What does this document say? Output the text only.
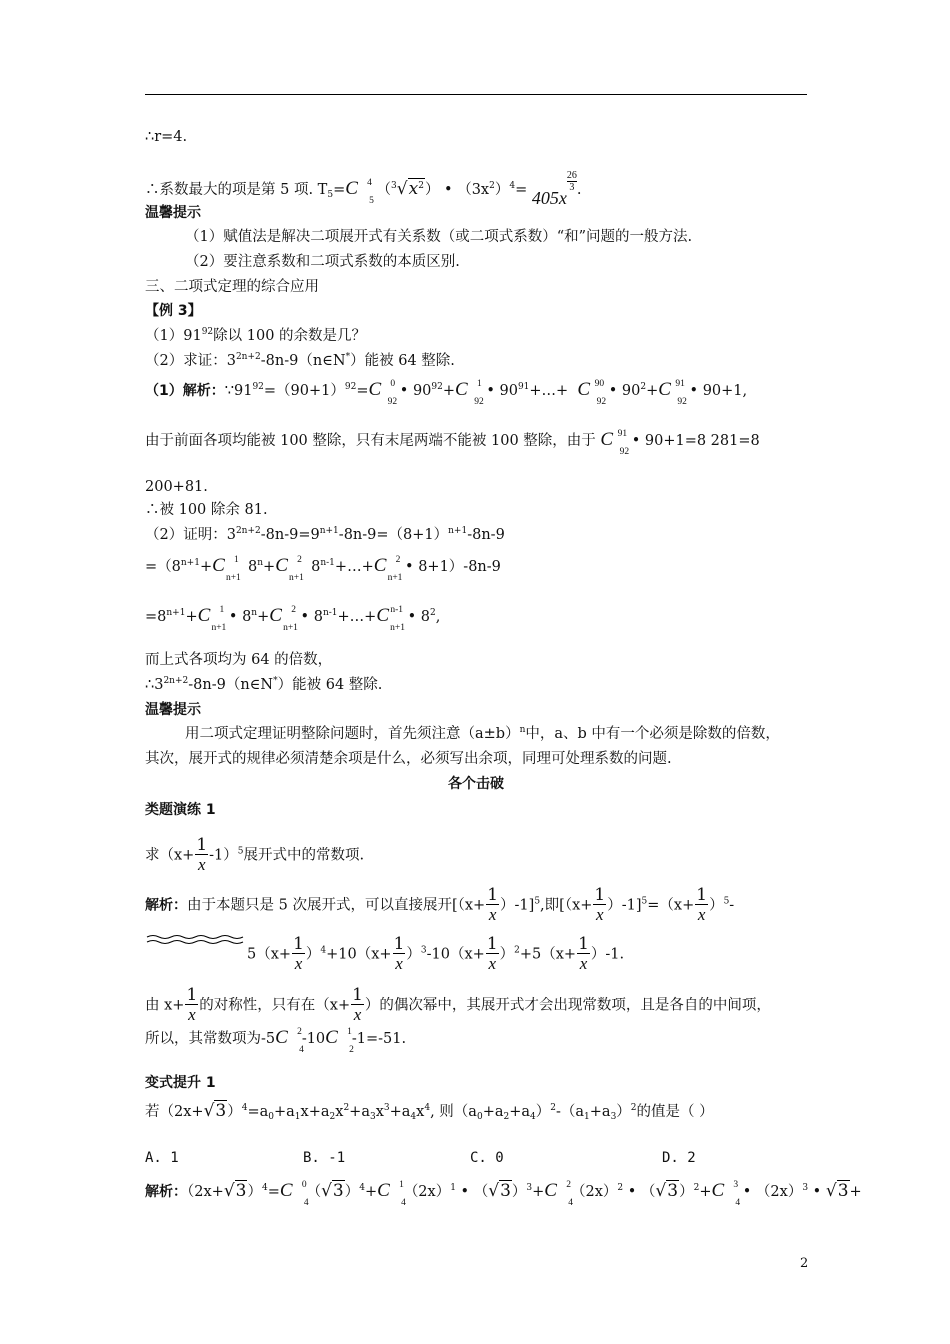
∴r=4.
∴系数最大的项是第 5 项. $T_5=C$ 4
5
$(^3√x^2)$ • $(3x^2)^4= 405x$
$\frac{26}{3}$ .
温馨提示
（1）赋值法是解决二项展开式有关系数（或二项式系数）“和”问题的一般方法.
（2）要注意系数和二项式系数的本质区别.
三、二项式定理的综合应用
【例 3】
$(1)91^{92}$除以 100 的余数是几？
（2）求证：$3^{2n+2}-8n-9(n\in N^*)$能被 64 整除.
（1）解析：$\because 91^{92}=(90+1)^{92}=C$ 0
92
• $90^{92}+C$ 1
92
• $90^{91}+\dots+ C$ 90
92
• $90^2+C$ 91
92
• 90+1,
由于前面各项均能被 100 整除，只有末尾两端不能被 100 整除，由于 C 91
92
• 90+1=8 281=8
200+81.
∴被 100 除余 81.
（2）证明：$3^{2n+2}-8n-9=9^{n+1}-8n-9=(8+1)^{n+1}-8n-9$
$=(8^{n+1}+C$ 1
n+1
$8^n+C$ 2
n+1
$8^{n-1}+\dots+C$ 2
n+1
• 8+1）-8n-9
$=8^{n+1}+C$ 1
n+1
• $8^n+C$ 2
n+1
• $8^{n-1}+\dots+C$ n-1
n+1
• $8^2$,
而上式各项均为 64 的倍数，
$\therefore 3^{2n+2}-8n-9(n\in N^*)$能被 64 整除.
温馨提示
用二项式定理证明整除问题时，首先须注意$(a\pm b)^n$中，a、b 中有一个必须是除数的倍数，
其次，展开式的规律必须清楚余项是什么，必须写出余项，同理可处理系数的问题.
各个击破
类题演练 1
求$(x+ \frac{1}{x} -1)^5$展开式中的常数项.
解析：由于本题只是 5 次展开式，可以直接展开$[(x+ \frac{1}{x} )-1]^5$,即$[(x+ \frac{1}{x} )-1]^5=(x+ \frac{1}{x} )^5-$
$5(x+ \frac{1}{x} )^4+10(x+ \frac{1}{x} )^3-10(x+ \frac{1}{x} )^2+5(x+ \frac{1}{x} )-1$.
由 $x+ \frac{1}{x}$ 的对称性，只有在（$x+ \frac{1}{x}$ ）的偶次幂中，其展开式才会出现常数项，且是各自的中间项，
所以，其常数项为-5C 2
4
-10C 1
2
-1=-51.
变式提升 1
若$(2x+√3)^4=a_0+a_1x+a_2x^2+a_3x^3+a_4x^4$, 则$(a_0+a_2+a_4)^2-(a_1+a_3)^2$的值是（ ）
A. 1	B. -1	C. 0	D. 2
解析：$(2x+√3)^4=C$ 0
4
$(√3)^4+C$ 1
4
$(2x)^1$ • $(√3)^3+C$ 2
4
$(2x)^2$ • $(√3)^2+C$ 3
4
• $(2x)^3$ • √3+
2
